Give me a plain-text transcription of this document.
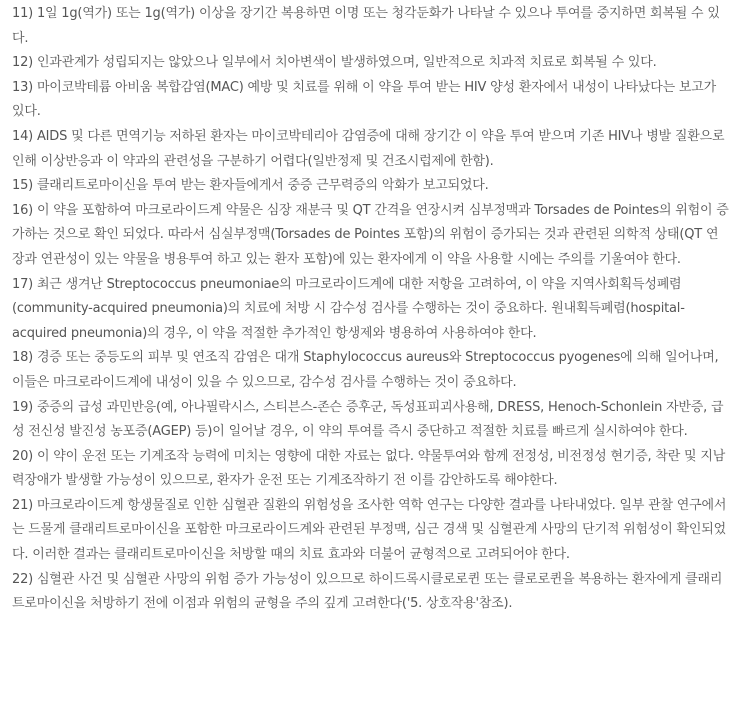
11) 1일 1g(역가) 또는 1g(역가) 이상을 장기간 복용하면 이명 또는 청각둔화가 나타날 수 있으나 투여를 중지하면 회복될 수 있다.

12) 인과관계가 성립되지는 않았으나 일부에서 치아변색이 발생하였으며, 일반적으로 치과적 치료로 회복될 수 있다.

13) 마이코박테륨 아비움 복합감염(MAC) 예방 및 치료를 위해 이 약을 투여 받는 HIV 양성 환자에서 내성이 나타났다는 보고가 있다.

14) AIDS 및 다른 면역기능 저하된 환자는 마이코박테리아 감염증에 대해 장기간 이 약을 투여 받으며 기존 HIV나 병발 질환으로 인해 이상반응과 이 약과의 관련성을 구분하기 어렵다(일반정제 및 건조시럽제에 한함).

15) 클래리트로마이신을 투여 받는 환자들에게서 중증 근무력증의 악화가 보고되었다.

16) 이 약을 포함하여 마크로라이드계 약물은 심장 재분극 및 QT 간격을 연장시켜 심부정맥과 Torsades de Pointes의 위험이 증가하는 것으로 확인 되었다. 따라서 심실부정맥(Torsades de Pointes 포함)의 위험이 증가되는 것과 관련된 의학적 상태(QT 연장과 연관성이 있는 약물을 병용투여 하고 있는 환자 포함)에 있는 환자에게 이 약을 사용할 시에는 주의를 기울여야 한다.

17) 최근 생겨난 Streptococcus pneumoniae의 마크로라이드계에 대한 저항을 고려하여, 이 약을 지역사회획득성폐렴(community-acquired pneumonia)의 치료에 처방 시 감수성 검사를 수행하는 것이 중요하다. 원내획득폐렴(hospital-acquired pneumonia)의 경우, 이 약을 적절한 추가적인 항생제와 병용하여 사용하여야 한다.

18) 경증 또는 중등도의 피부 및 연조직 감염은 대개 Staphylococcus aureus와 Streptococcus pyogenes에 의해 일어나며, 이들은 마크로라이드계에 내성이 있을 수 있으므로, 감수성 검사를 수행하는 것이 중요하다.

19) 중증의 급성 과민반응(예, 아나필락시스, 스티븐스-존슨 증후군, 독성표피괴사용해, DRESS, Henoch-Schonlein 자반증, 급성 전신성 발진성 농포증(AGEP) 등)이 일어날 경우, 이 약의 투여를 즉시 중단하고 적절한 치료를 빠르게 실시하여야 한다.

20) 이 약이 운전 또는 기계조작 능력에 미치는 영향에 대한 자료는 없다. 약물투여와 함께 전정성, 비전정성 현기증, 착란 및 지남력장애가 발생할 가능성이 있으므로, 환자가 운전 또는 기계조작하기 전 이를 감안하도록 해야한다.

21) 마크로라이드계 항생물질로 인한 심혈관 질환의 위험성을 조사한 역학 연구는 다양한 결과를 나타내었다. 일부 관찰 연구에서는 드물게 클래리트로마이신을 포함한 마크로라이드계와 관련된 부정맥, 심근 경색 및 심혈관계 사망의 단기적 위험성이 확인되었다. 이러한 결과는 클래리트로마이신을 처방할 때의 치료 효과와 더불어 균형적으로 고려되어야 한다.

22) 심혈관 사건 및 심혈관 사망의 위험 증가 가능성이 있으므로 하이드록시클로로퀸 또는 클로로퀸을 복용하는 환자에게 클래리트로마이신을 처방하기 전에 이점과 위험의 균형을 주의 깊게 고려한다('5. 상호작용'참조).
